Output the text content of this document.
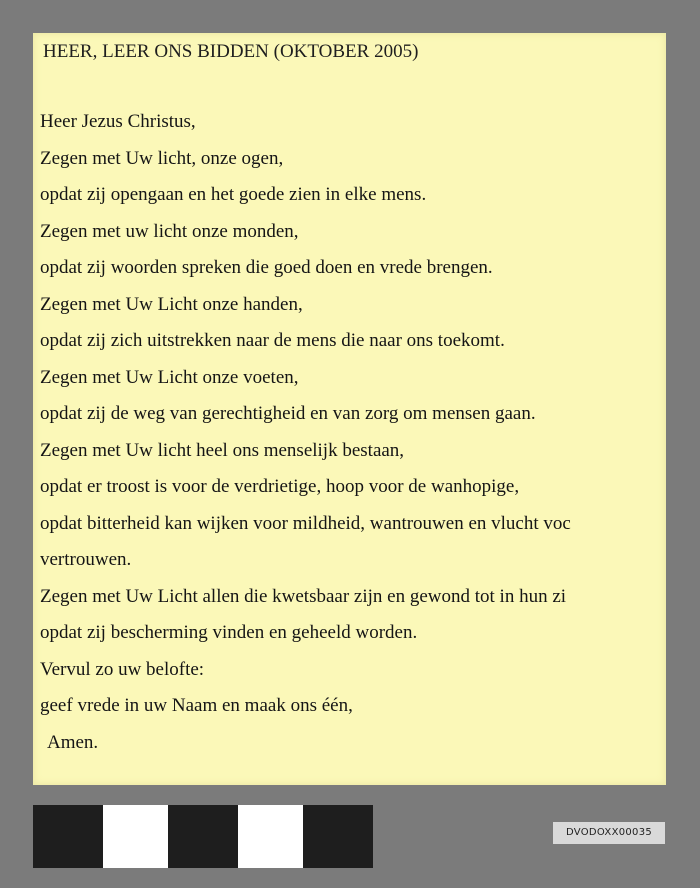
HEER, LEER ONS BIDDEN (OKTOBER 2005)
Heer Jezus Christus,
Zegen met Uw licht, onze ogen,
opdat zij opengaan en het goede zien in elke mens.
Zegen met uw licht onze monden,
opdat zij woorden spreken die goed doen en vrede brengen.
Zegen met Uw Licht onze handen,
opdat zij zich uitstrekken naar de mens die naar ons toekomt.
Zegen met Uw Licht onze voeten,
opdat zij de weg van gerechtigheid en van zorg om mensen gaan.
Zegen met Uw licht heel ons menselijk bestaan,
opdat er troost is voor de verdrietige, hoop voor de wanhopige,
opdat bitterheid kan wijken voor mildheid, wantrouwen en vlucht voc
vertrouwen.
Zegen met Uw Licht allen die kwetsbaar zijn en gewond tot in hun zi
opdat zij bescherming vinden en geheeld worden.
Vervul zo uw belofte:
geef vrede in uw Naam en maak ons één,
Amen.
DVODOXX00035
